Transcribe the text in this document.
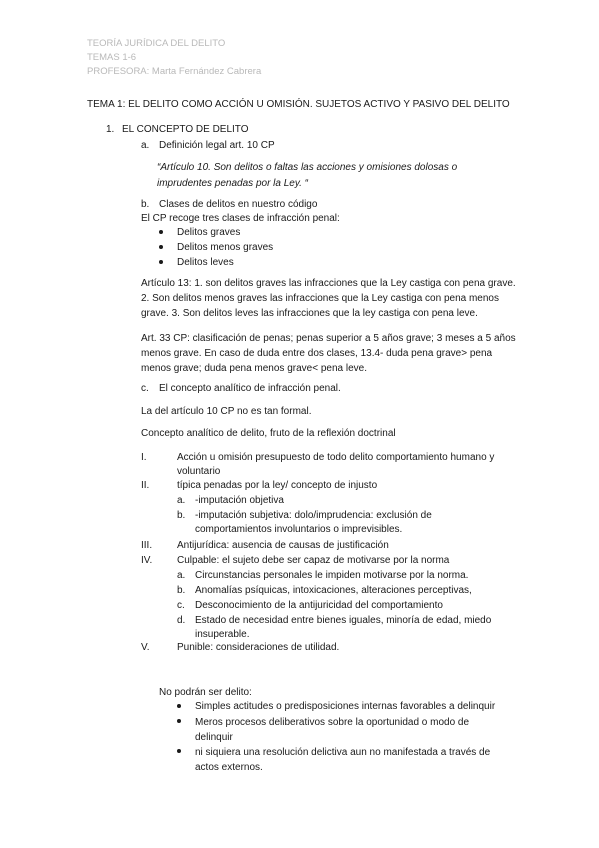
TEORÍA JURÍDICA DEL DELITO
TEMAS 1-6
PROFESORA: Marta Fernández Cabrera
TEMA 1: EL DELITO COMO ACCIÓN U OMISIÓN. SUJETOS ACTIVO Y PASIVO DEL DELITO
1. EL CONCEPTO DE DELITO
a. Definición legal art. 10 CP
“Artículo 10. Son delitos o faltas las acciones y omisiones dolosas o imprudentes penadas por la Ley. “
b. Clases de delitos en nuestro código
El CP recoge tres clases de infracción penal:
Delitos graves
Delitos menos graves
Delitos leves
Artículo 13: 1. son delitos graves las infracciones que la Ley castiga con pena grave. 2. Son delitos menos graves las infracciones que la Ley castiga con pena menos grave. 3. Son delitos leves las infracciones que la ley castiga con pena leve.
Art. 33 CP: clasificación de penas; penas superior a 5 años grave; 3 meses a 5 años menos grave. En caso de duda entre dos clases, 13.4- duda pena grave> pena menos grave; duda pena menos grave< pena leve.
c. El concepto analítico de infracción penal.
La del artículo 10 CP no es tan formal.
Concepto analítico de delito, fruto de la reflexión doctrinal
I.	Acción u omisión presupuesto de todo delito comportamiento humano y voluntario
II.	típica penadas por la ley/ concepto de injusto
a. -imputación objetiva
b. -imputación subjetiva: dolo/imprudencia: exclusión de comportamientos involuntarios o imprevisibles.
III. Antijurídica: ausencia de causas de justificación
IV. Culpable: el sujeto debe ser capaz de motivarse por la norma
a. Circunstancias personales le impiden motivarse por la norma.
b. Anomalías psíquicas, intoxicaciones, alteraciones perceptivas,
c. Desconocimiento de la antijuricidad del comportamiento
d. Estado de necesidad entre bienes iguales, minoría de edad, miedo insuperable.
V.	Punible: consideraciones de utilidad.
No podrán ser delito:
Simples actitudes o predisposiciones internas favorables a delinquir
Meros procesos deliberativos sobre la oportunidad o modo de delinquir
ni siquiera una resolución delictiva aun no manifestada a través de actos externos.
